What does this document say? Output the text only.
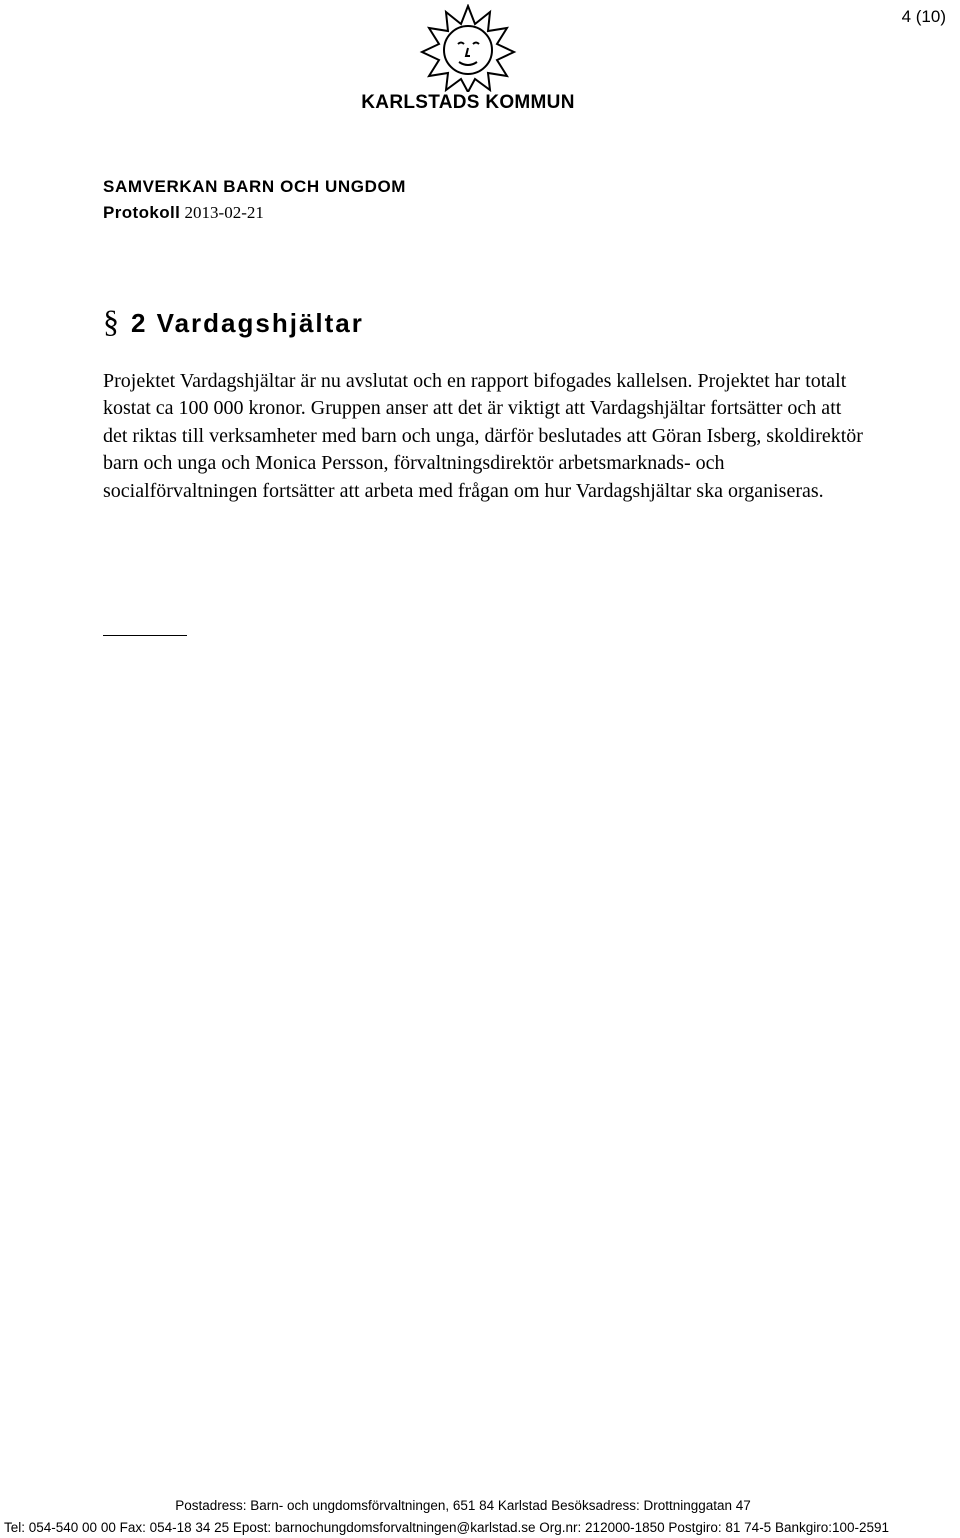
4 (10)
KARLSTADS KOMMUN
SAMVERKAN BARN OCH UNGDOM
Protokoll 2013-02-21
§ 2 Vardagshjältar

Projektet Vardagshjältar är nu avslutat och en rapport bifogades kallelsen. Projektet har totalt kostat ca 100 000 kronor. Gruppen anser att det är viktigt att Vardagshjältar fortsätter och att det riktas till verksamheter med barn och unga, därför beslutades att Göran Isberg, skoldirektör barn och unga och Monica Persson, förvaltningsdirektör arbetsmarknads- och socialförvaltningen fortsätter att arbeta med frågan om hur Vardagshjältar ska organiseras.

Postadress: Barn- och ungdomsförvaltningen, 651 84 Karlstad Besöksadress: Drottninggatan 47
Tel: 054-540 00 00 Fax: 054-18 34 25 Epost: barnochungdomsforvaltningen@karlstad.se Org.nr: 212000-1850 Postgiro: 81 74-5 Bankgiro:100-2591
